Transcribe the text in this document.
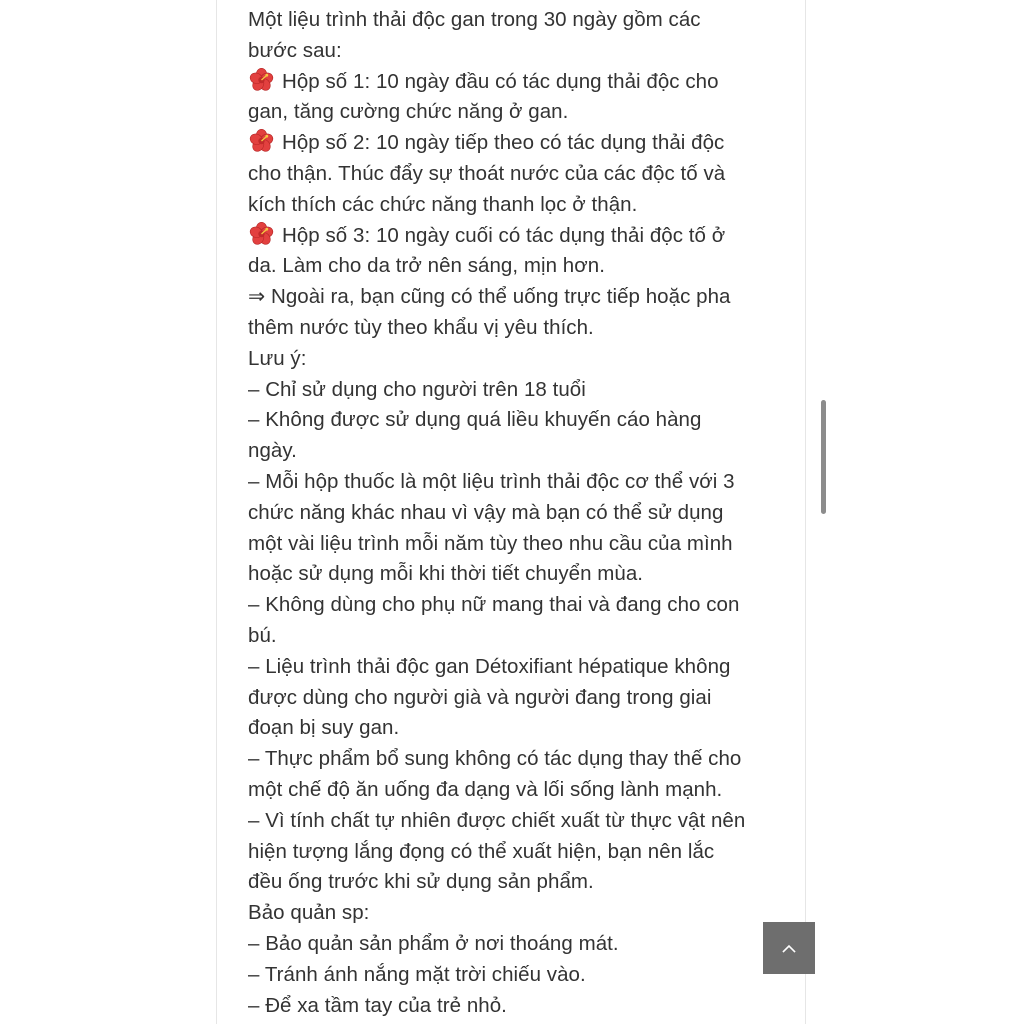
Một liệu trình thải độc gan trong 30 ngày gồm các
bước sau:
Hộp số 1: 10 ngày đầu có tác dụng thải độc cho
gan, tăng cường chức năng ở gan.
Hộp số 2: 10 ngày tiếp theo có tác dụng thải độc
cho thận. Thúc đẩy sự thoát nước của các độc tố và
kích thích các chức năng thanh lọc ở thận.
Hộp số 3: 10 ngày cuối có tác dụng thải độc tố ở
da. Làm cho da trở nên sáng, mịn hơn.
⇒ Ngoài ra, bạn cũng có thể uống trực tiếp hoặc pha
thêm nước tùy theo khẩu vị yêu thích.
Lưu ý:
– Chỉ sử dụng cho người trên 18 tuổi
– Không được sử dụng quá liều khuyến cáo hàng
ngày.
– Mỗi hộp thuốc là một liệu trình thải độc cơ thể với 3
chức năng khác nhau vì vậy mà bạn có thể sử dụng
một vài liệu trình mỗi năm tùy theo nhu cầu của mình
hoặc sử dụng mỗi khi thời tiết chuyển mùa.
– Không dùng cho phụ nữ mang thai và đang cho con
bú.
– Liệu trình thải độc gan Détoxifiant hépatique không
được dùng cho người già và người đang trong giai
đoạn bị suy gan.
– Thực phẩm bổ sung không có tác dụng thay thế cho
một chế độ ăn uống đa dạng và lối sống lành mạnh.
– Vì tính chất tự nhiên được chiết xuất từ thực vật nên
hiện tượng lắng đọng có thể xuất hiện, bạn nên lắc
đều ống trước khi sử dụng sản phẩm.
Bảo quản sp:
– Bảo quản sản phẩm ở nơi thoáng mát.
– Tránh ánh nắng mặt trời chiếu vào.
– Để xa tầm tay của trẻ nhỏ.
